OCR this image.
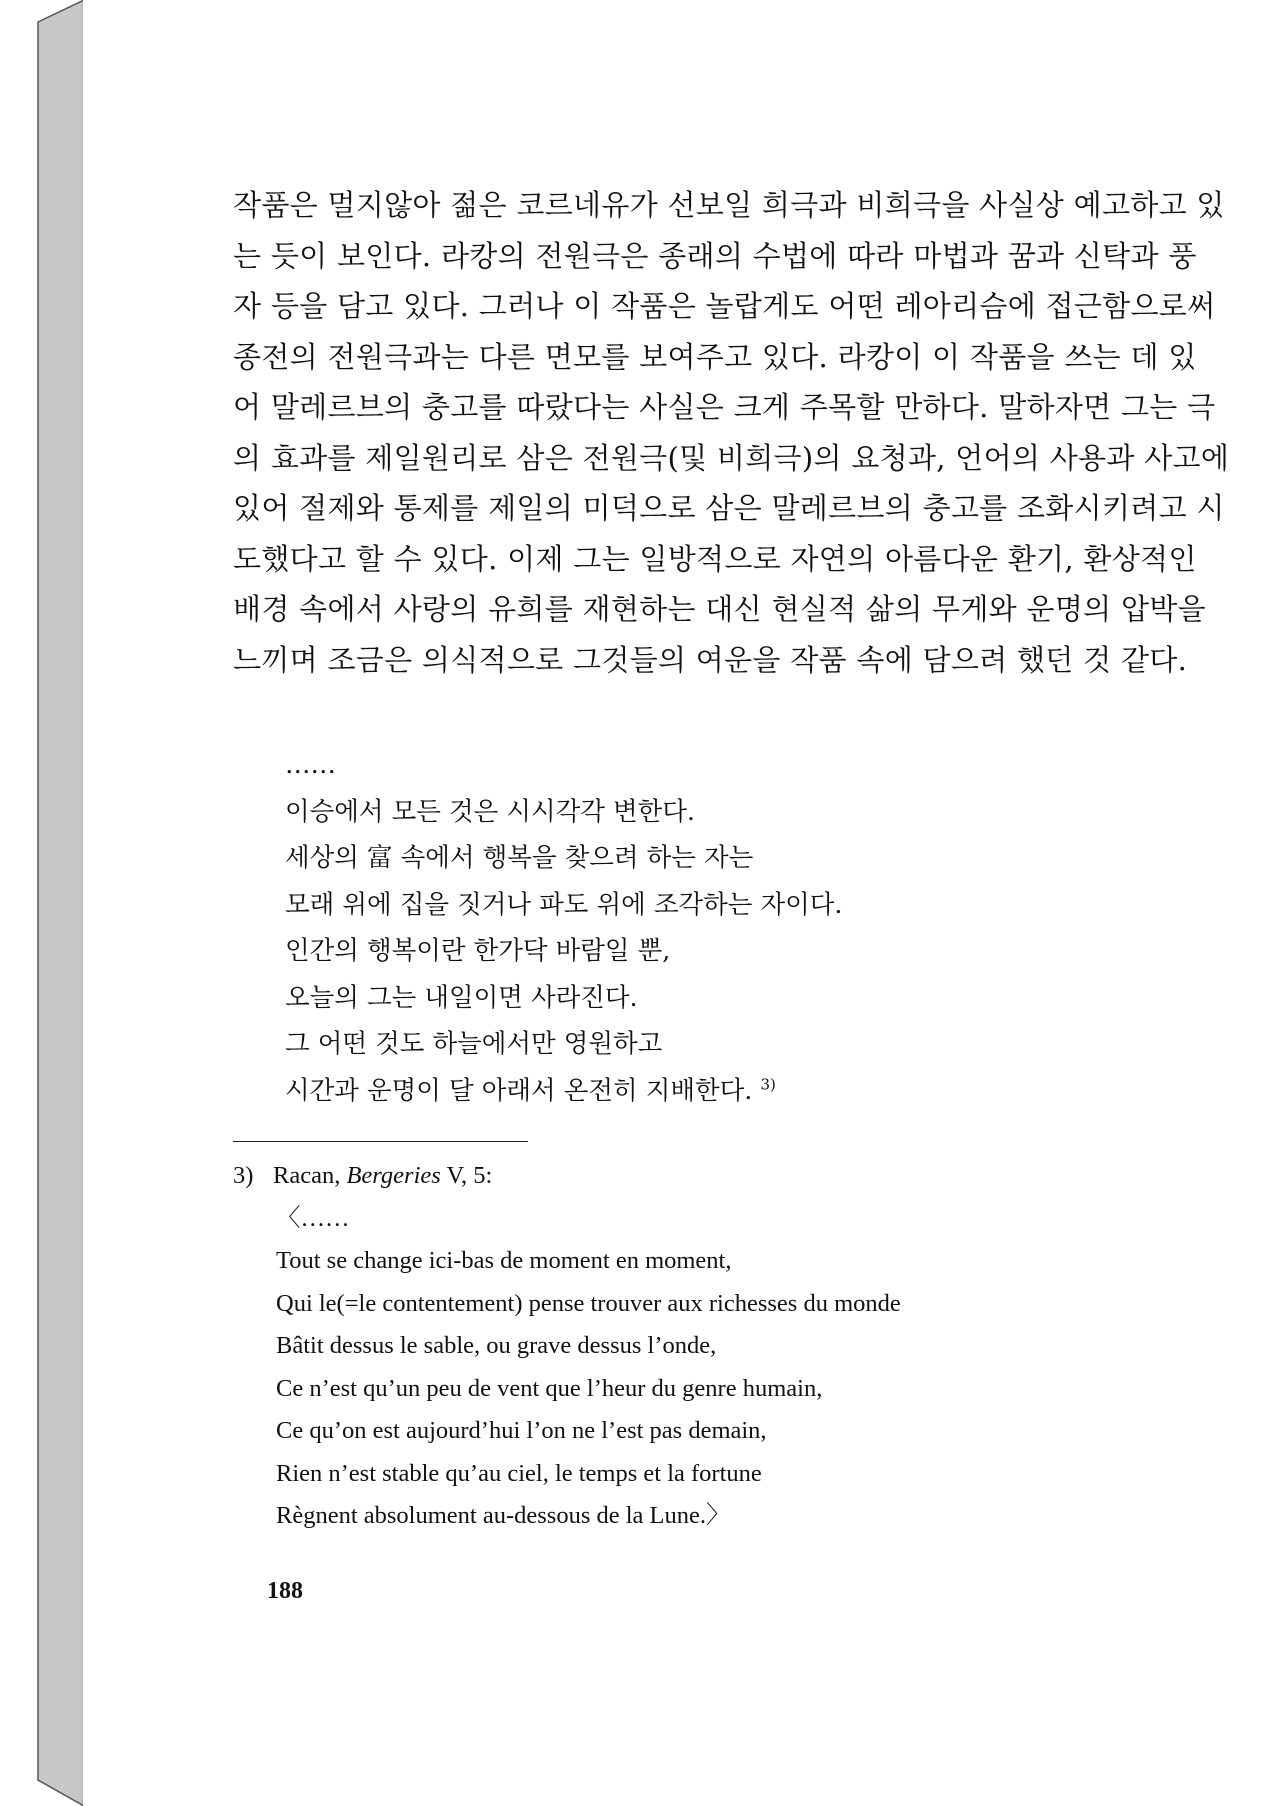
작품은 멀지않아 젊은 코르네유가 선보일 희극과 비희극을 사실상 예고하고 있
는 듯이 보인다. 라캉의 전원극은 종래의 수법에 따라 마법과 꿈과 신탁과 풍
자 등을 담고 있다. 그러나 이 작품은 놀랍게도 어떤 레아리슴에 접근함으로써
종전의 전원극과는 다른 면모를 보여주고 있다. 라캉이 이 작품을 쓰는 데 있
어 말레르브의 충고를 따랐다는 사실은 크게 주목할 만하다. 말하자면 그는 극
의 효과를 제일원리로 삼은 전원극(및 비희극)의 요청과, 언어의 사용과 사고에
있어 절제와 통제를 제일의 미덕으로 삼은 말레르브의 충고를 조화시키려고 시
도했다고 할 수 있다. 이제 그는 일방적으로 자연의 아름다운 환기, 환상적인
배경 속에서 사랑의 유희를 재현하는 대신 현실적 삶의 무게와 운명의 압박을
느끼며 조금은 의식적으로 그것들의 여운을 작품 속에 담으려 했던 것 같다.
……
이승에서 모든 것은 시시각각 변한다.
세상의 富 속에서 행복을 찾으려 하는 자는
모래 위에 집을 짓거나 파도 위에 조각하는 자이다.
인간의 행복이란 한가닥 바람일 뿐,
오늘의 그는 내일이면 사라진다.
그 어떤 것도 하늘에서만 영원하고
시간과 운명이 달 아래서 온전히 지배한다. $^{3)}$
3) Racan, Bergeries V, 5:
〈……
Tout se change ici-bas de moment en moment,
Qui le(=le contentement) pense trouver aux richesses du monde
Bâtit dessus le sable, ou grave dessus l’onde,
Ce n’est qu’un peu de vent que l’heur du genre humain,
Ce qu’on est aujourd’hui l’on ne l’est pas demain,
Rien n’est stable qu’au ciel, le temps et la fortune
Règnent absolument au-dessous de la Lune.〉
188
